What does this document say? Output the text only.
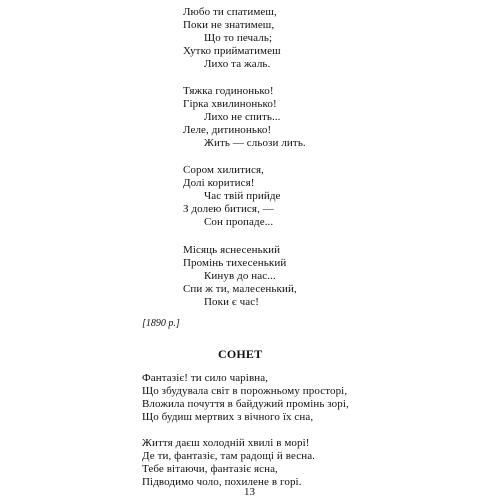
Любо ти спатимеш,
Поки не знатимеш,
Що то печаль;
Хутко прийматимеш
Лихо та жаль.
Тяжка годинонько!
Гірка хвилинонько!
Лихо не спить...
Леле, дитинонько!
Жить — сльози лить.
Сором хилитися,
Долі коритися!
Час твій прийде
З долею битися, —
Сон пропаде...
Місяць яснесенький
Промінь тихесенький
Кинув до нас...
Спи ж ти, малесенький,
Поки є час!
[1890 р.]
СОНЕТ
Фантазіє! ти сило чарівна,
Що збудувала світ в порожньому просторі,
Вложила почуття в байдужий промінь зорі,
Що будиш мертвих з вічного їх сна,
Життя даєш холодній хвилі в морі!
Де ти, фантазіє, там радощі й весна.
Тебе вітаючи, фантазіє ясна,
Підводимо чоло, похилене в горі.
13
